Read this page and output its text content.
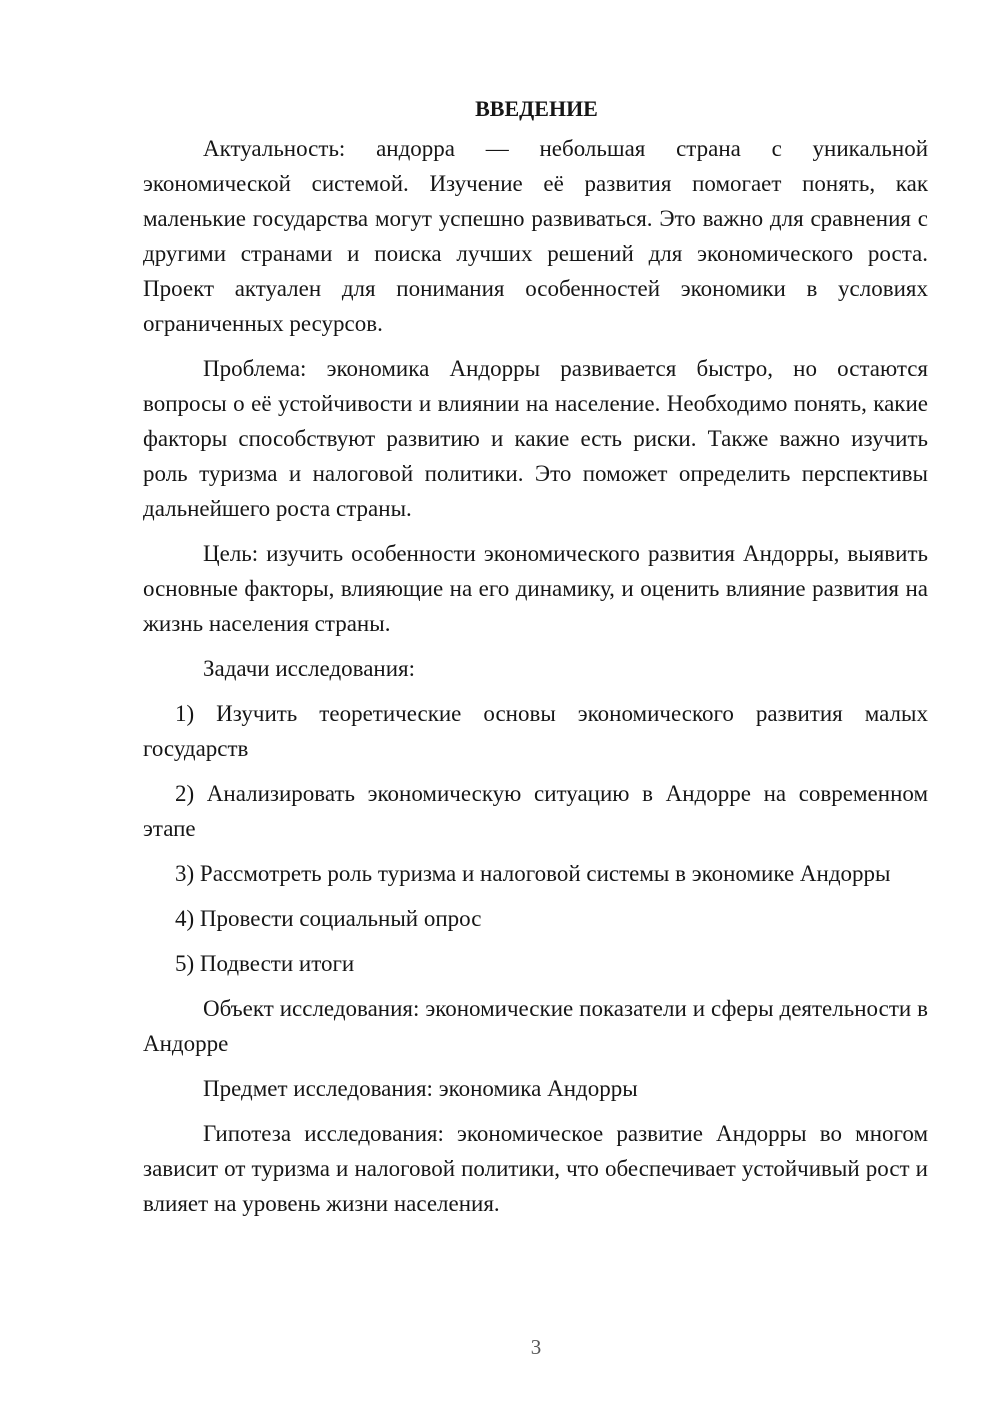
ВВЕДЕНИЕ

Актуальность: андорра — небольшая страна с уникальной экономической системой. Изучение её развития помогает понять, как маленькие государства могут успешно развиваться. Это важно для сравнения с другими странами и поиска лучших решений для экономического роста. Проект актуален для понимания особенностей экономики в условиях ограниченных ресурсов.

Проблема: экономика Андорры развивается быстро, но остаются вопросы о её устойчивости и влиянии на население. Необходимо понять, какие факторы способствуют развитию и какие есть риски. Также важно изучить роль туризма и налоговой политики. Это поможет определить перспективы дальнейшего роста страны.

Цель: изучить особенности экономического развития Андорры, выявить основные факторы, влияющие на его динамику, и оценить влияние развития на жизнь населения страны.

Задачи исследования:

1) Изучить теоретические основы экономического развития малых государств

2) Анализировать экономическую ситуацию в Андорре на современном этапе

3) Рассмотреть роль туризма и налоговой системы в экономике Андорры

4) Провести социальный опрос

5) Подвести итоги

Объект исследования: экономические показатели и сферы деятельности в Андорре

Предмет исследования: экономика Андорры

Гипотеза исследования: экономическое развитие Андорры во многом зависит от туризма и налоговой политики, что обеспечивает устойчивый рост и влияет на уровень жизни населения.

3
